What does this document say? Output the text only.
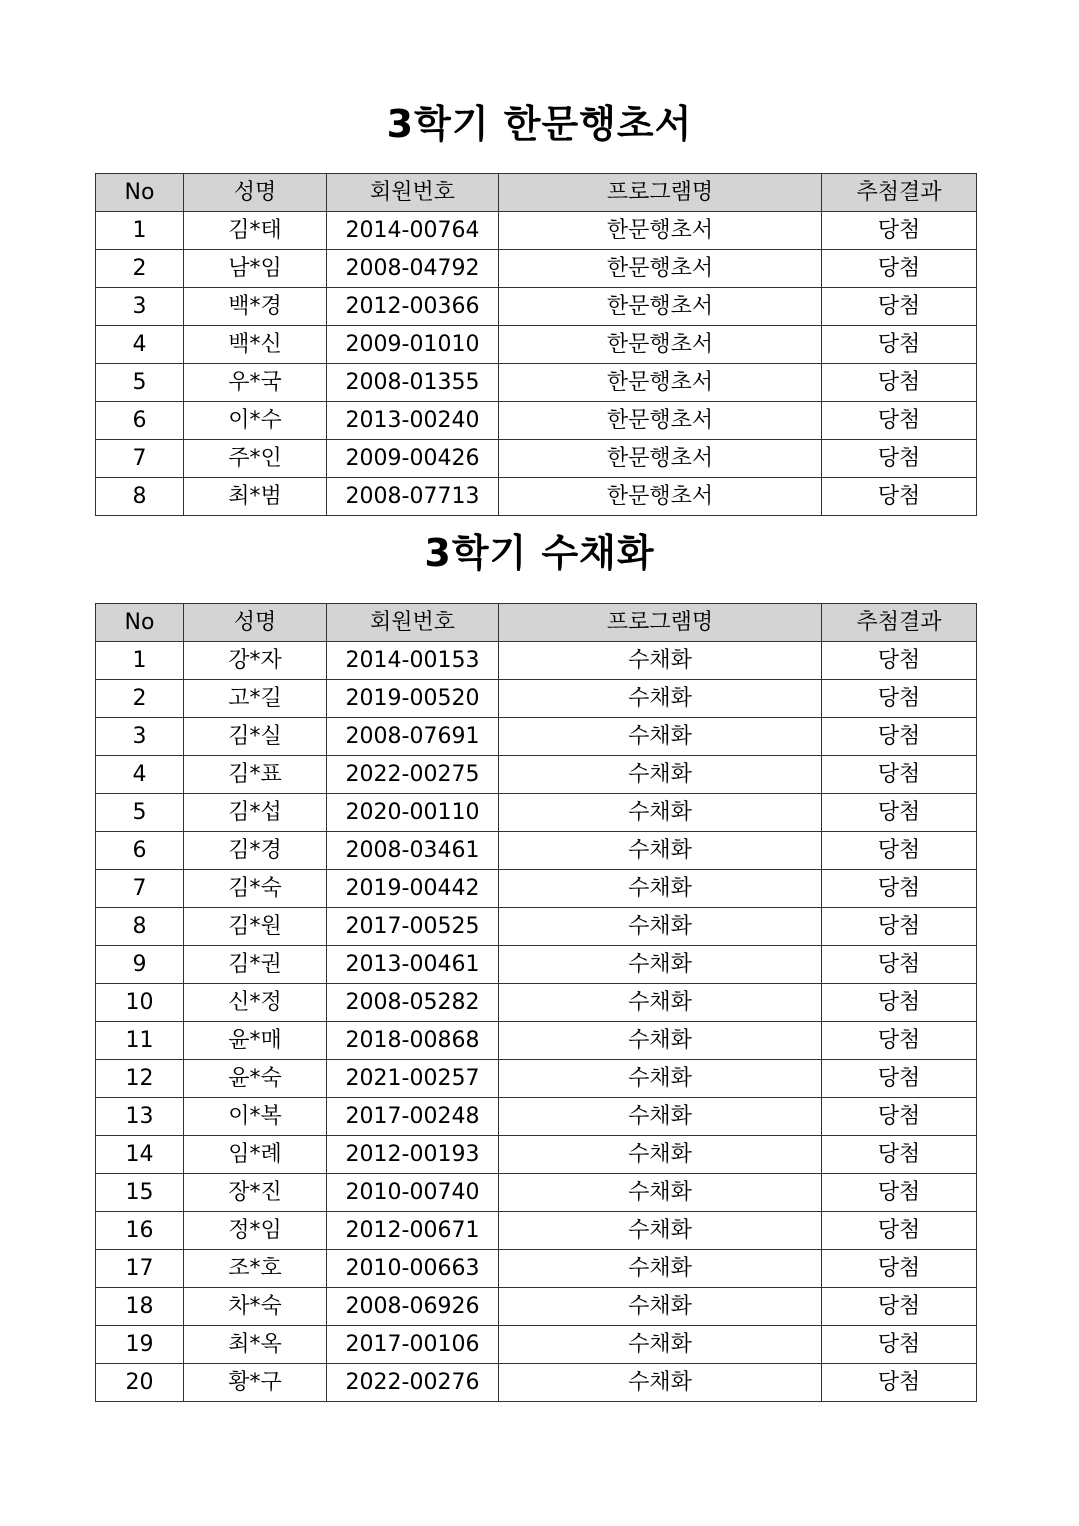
3학기 한문행초서
No	성명	회원번호	프로그램명	추첨결과
1	김*태	2014-00764	한문행초서	당첨
2	남*임	2008-04792	한문행초서	당첨
3	백*경	2012-00366	한문행초서	당첨
4	백*신	2009-01010	한문행초서	당첨
5	우*국	2008-01355	한문행초서	당첨
6	이*수	2013-00240	한문행초서	당첨
7	주*인	2009-00426	한문행초서	당첨
8	최*범	2008-07713	한문행초서	당첨
3학기 수채화
No	성명	회원번호	프로그램명	추첨결과
1	강*자	2014-00153	수채화	당첨
2	고*길	2019-00520	수채화	당첨
3	김*실	2008-07691	수채화	당첨
4	김*표	2022-00275	수채화	당첨
5	김*섭	2020-00110	수채화	당첨
6	김*경	2008-03461	수채화	당첨
7	김*숙	2019-00442	수채화	당첨
8	김*원	2017-00525	수채화	당첨
9	김*권	2013-00461	수채화	당첨
10	신*정	2008-05282	수채화	당첨
11	윤*매	2018-00868	수채화	당첨
12	윤*숙	2021-00257	수채화	당첨
13	이*복	2017-00248	수채화	당첨
14	임*례	2012-00193	수채화	당첨
15	장*진	2010-00740	수채화	당첨
16	정*임	2012-00671	수채화	당첨
17	조*호	2010-00663	수채화	당첨
18	차*숙	2008-06926	수채화	당첨
19	최*옥	2017-00106	수채화	당첨
20	황*구	2022-00276	수채화	당첨
